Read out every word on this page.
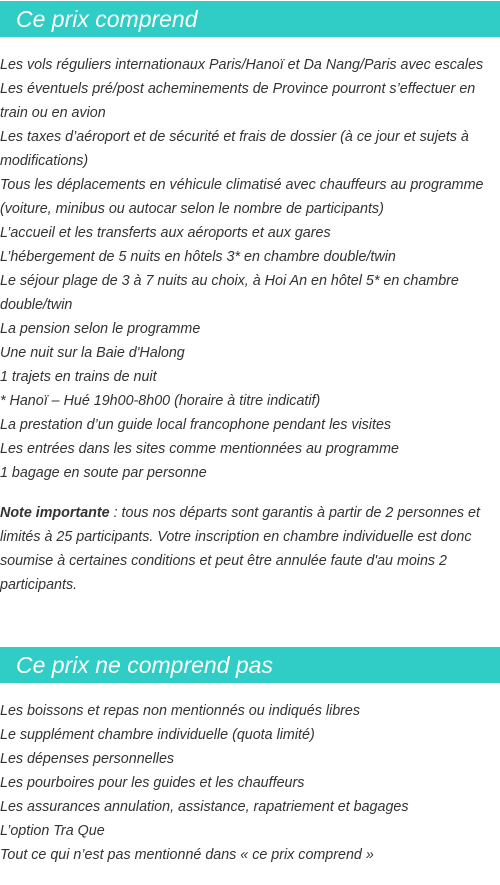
Ce prix comprend
Les vols réguliers internationaux Paris/Hanoï et Da Nang/Paris avec escales
Les éventuels pré/post acheminements de Province pourront s’effectuer en train ou en avion
Les taxes d’aéroport et de sécurité et frais de dossier (à ce jour et sujets à modifications)
Tous les déplacements en véhicule climatisé avec chauffeurs au programme (voiture, minibus ou autocar selon le nombre de participants)
L’accueil et les transferts aux aéroports et aux gares
L’hébergement de 5 nuits en hôtels 3* en chambre double/twin
Le séjour plage de 3 à 7 nuits au choix, à Hoi An en hôtel 5* en chambre double/twin
La pension selon le programme
Une nuit sur la Baie d'Halong
1 trajets en trains de nuit
* Hanoï – Hué 19h00-8h00 (horaire à titre indicatif)
La prestation d’un guide local francophone pendant les visites
Les entrées dans les sites comme mentionnées au programme
1 bagage en soute par personne

Note importante : tous nos départs sont garantis à partir de 2 personnes et limités à 25 participants. Votre inscription en chambre individuelle est donc soumise à certaines conditions et peut être annulée faute d'au moins 2 participants.

Ce prix ne comprend pas
Les boissons et repas non mentionnés ou indiqués libres
Le supplément chambre individuelle (quota limité)
Les dépenses personnelles
Les pourboires pour les guides et les chauffeurs
Les assurances annulation, assistance, rapatriement et bagages
L’option Tra Que
Tout ce qui n’est pas mentionné dans « ce prix comprend »
